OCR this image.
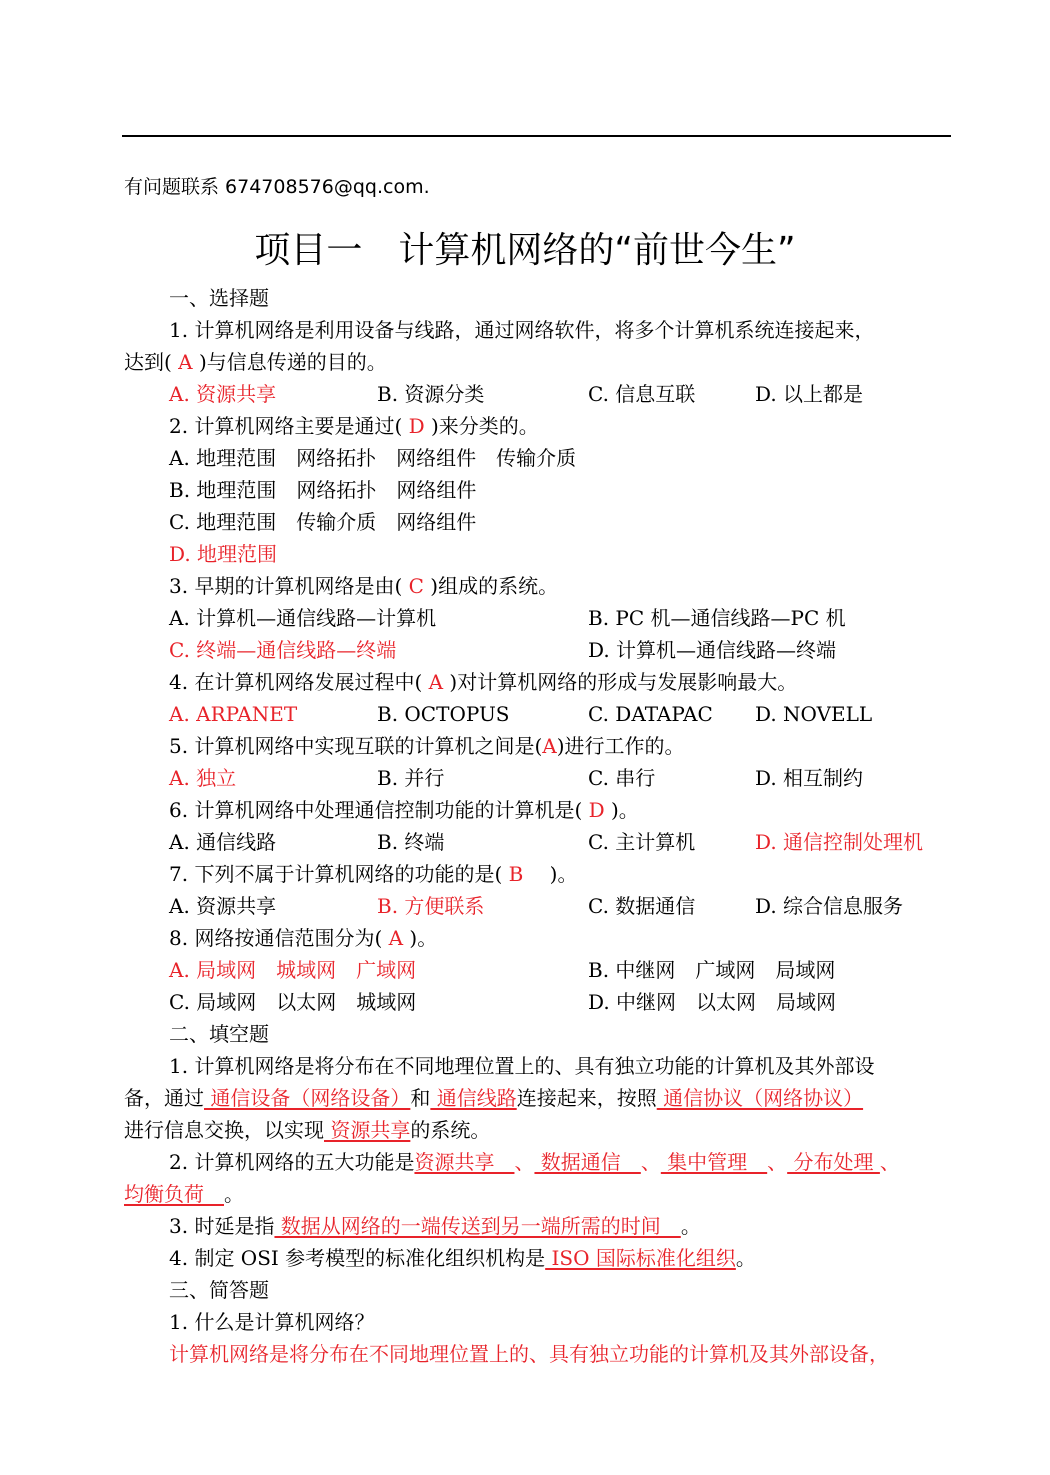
有问题联系 674708576@qq.com.
项目一　计算机网络的“前世今生”
一、选择题
1. 计算机网络是利用设备与线路，通过网络软件，将多个计算机系统连接起来，
达到( A )与信息传递的目的。
A. 资源共享	B. 资源分类	C. 信息互联	D. 以上都是
2. 计算机网络主要是通过( D )来分类的。
A. 地理范围　网络拓扑　网络组件　传输介质
B. 地理范围　网络拓扑　网络组件
C. 地理范围　传输介质　网络组件
D. 地理范围
3. 早期的计算机网络是由( C )组成的系统。
A. 计算机—通信线路—计算机	B. PC 机—通信线路—PC 机
C. 终端—通信线路—终端	D. 计算机—通信线路—终端
4. 在计算机网络发展过程中( A )对计算机网络的形成与发展影响最大。
A. ARPANET	B. OCTOPUS	C. DATAPAC D. NOVELL
5. 计算机网络中实现互联的计算机之间是(A)进行工作的。
A. 独立	B. 并行	C. 串行	D. 相互制约
6. 计算机网络中处理通信控制功能的计算机是( D )。
A. 通信线路	B. 终端	C. 主计算机	D. 通信控制处理机
7. 下列不属于计算机网络的功能的是( B 　)。
A. 资源共享	B. 方便联系	C. 数据通信	D. 综合信息服务
8. 网络按通信范围分为( A )。
A. 局域网　城域网　广域网	B. 中继网　广域网　局域网
C. 局域网　以太网　城域网	D. 中继网　以太网　局域网
二、填空题
1. 计算机网络是将分布在不同地理位置上的、具有独立功能的计算机及其外部设
备，通过 通信设备（网络设备）和 通信线路连接起来，按照 通信协议（网络协议）
进行信息交换，以实现 资源共享的系统。
2. 计算机网络的五大功能是资源共享　、 数据通信　、 集中管理　、 分布处理 、
均衡负荷　。
3. 时延是指 数据从网络的一端传送到另一端所需的时间　。
4. 制定 OSI 参考模型的标准化组织机构是 ISO 国际标准化组织。
三、简答题
1. 什么是计算机网络？
计算机网络是将分布在不同地理位置上的、具有独立功能的计算机及其外部设备，
